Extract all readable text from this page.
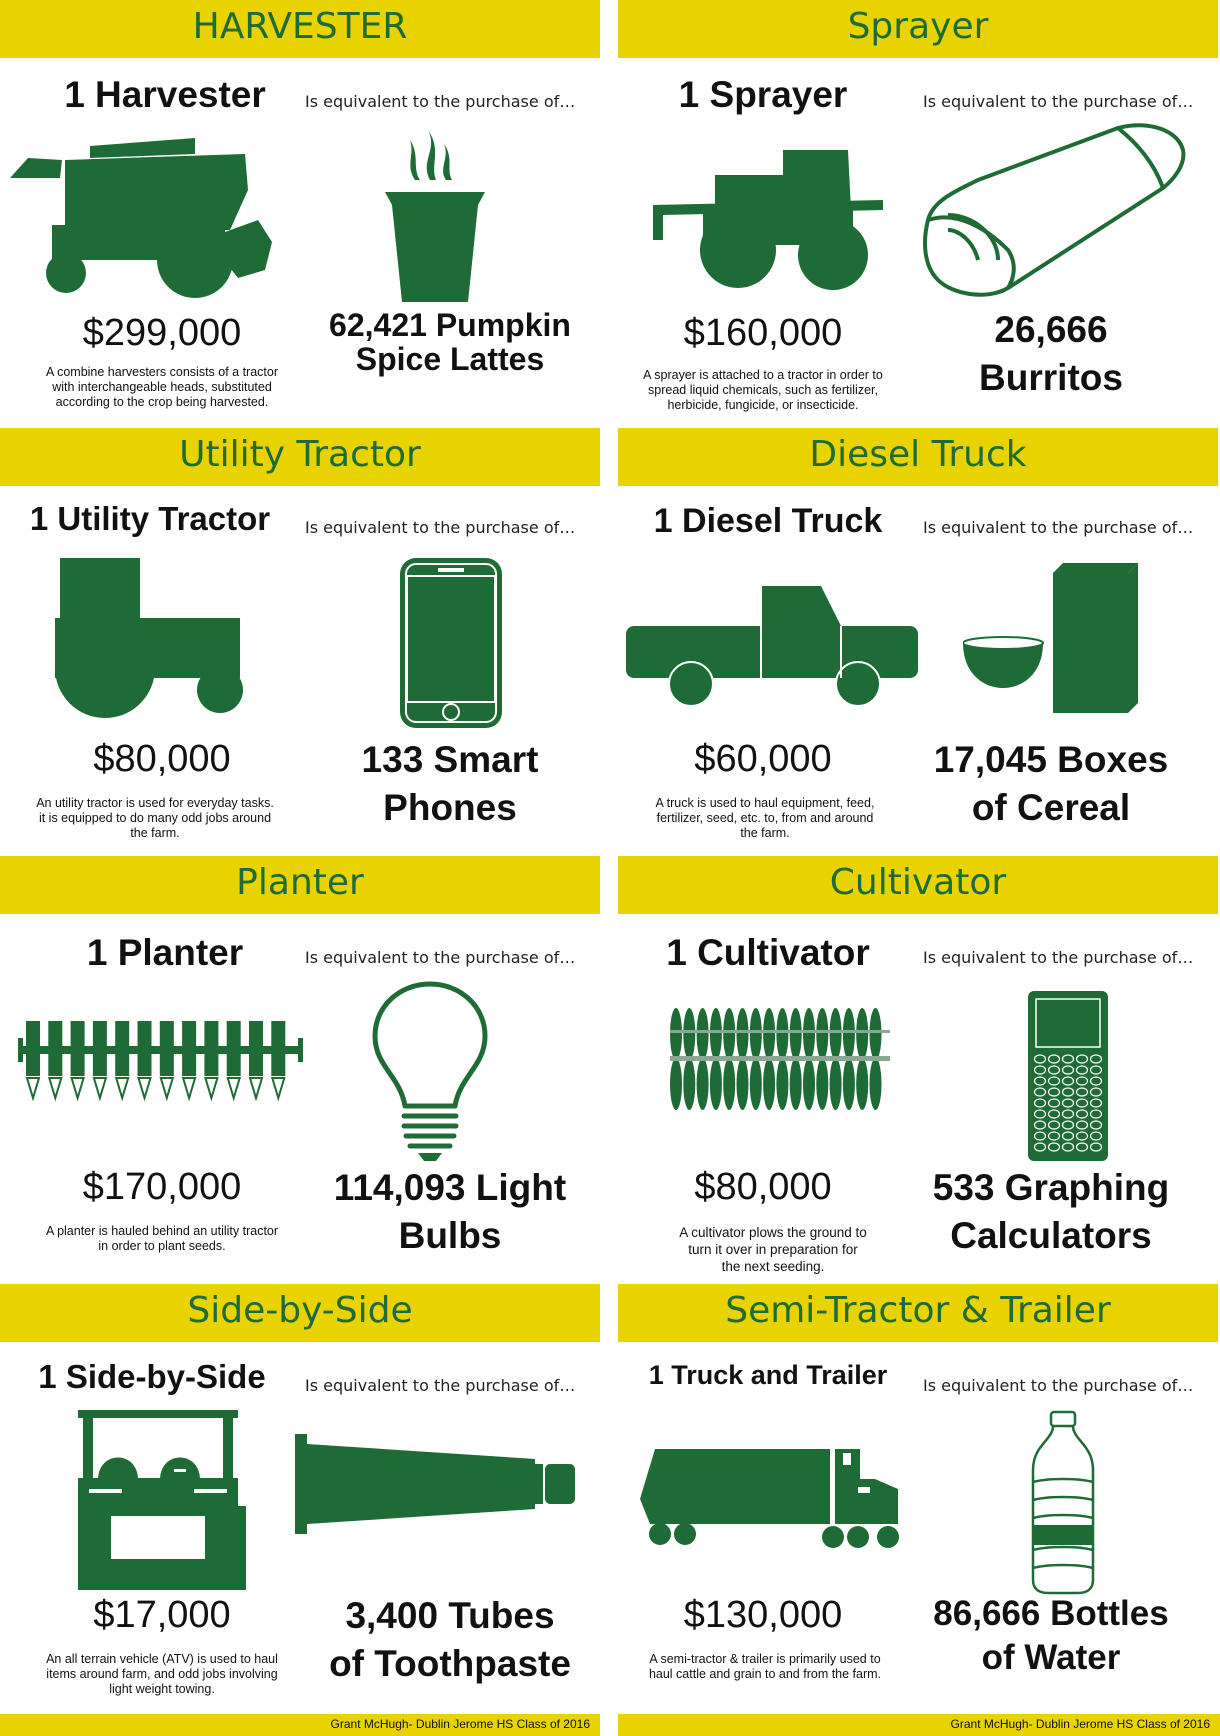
HARVESTER
1 Harvester	Is equivalent to the purchase of…
$299,000
A combine harvesters consists of a tractor
with interchangeable heads, substituted
according to the crop being harvested.
62,421 Pumpkin
Spice Lattes
Sprayer
1 Sprayer	Is equivalent to the purchase of…
$160,000
A sprayer is attached to a tractor in order to
spread liquid chemicals, such as fertilizer,
herbicide, fungicide, or insecticide.
26,666
Burritos
Utility Tractor
1 Utility Tractor	Is equivalent to the purchase of…
$80,000
An utility tractor is used for everyday tasks.
it is equipped to do many odd jobs around
the farm.
133 Smart
Phones
Diesel Truck
1 Diesel Truck	Is equivalent to the purchase of…
$60,000
A truck is used to haul equipment, feed,
fertilizer, seed, etc. to, from and around
the farm.
17,045 Boxes
of Cereal
Planter
1 Planter	Is equivalent to the purchase of…
$170,000
A planter is hauled behind an utility tractor
in order to plant seeds.
114,093 Light
Bulbs
Cultivator
1 Cultivator	Is equivalent to the purchase of…
$80,000
A cultivator plows the ground to
turn it over in preparation for
the next seeding.
533 Graphing
Calculators
Side-by-Side
1 Side-by-Side	Is equivalent to the purchase of…
$17,000
An all terrain vehicle (ATV) is used to haul
items around farm, and odd jobs involving
light weight towing.
3,400 Tubes
of Toothpaste
Semi-Tractor & Trailer
1 Truck and Trailer	Is equivalent to the purchase of…
$130,000
A semi-tractor & trailer is primarily used to
haul cattle and grain to and from the farm.
86,666 Bottles
of Water
Grant McHugh- Dublin Jerome HS Class of 2016	Grant McHugh- Dublin Jerome HS Class of 2016
